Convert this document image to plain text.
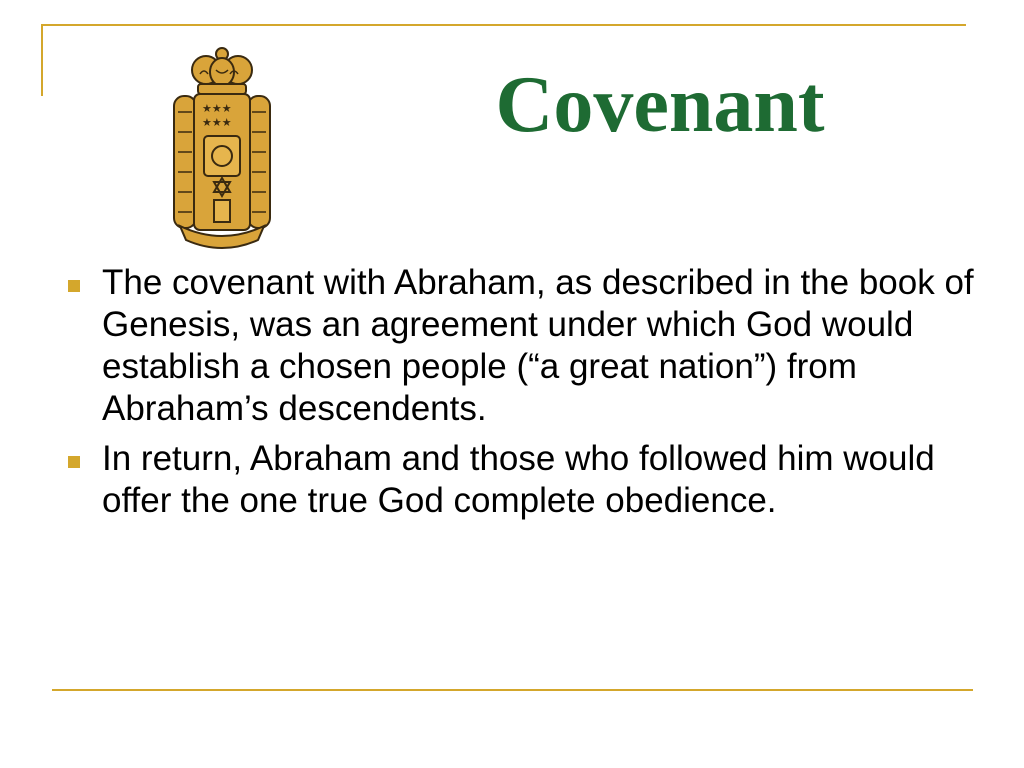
★★★
★★★	Covenant
The covenant with Abraham, as described in the book of Genesis, was an agreement under which God would establish a chosen people (“a great nation”) from Abraham’s descendents.
In return, Abraham and those who followed him would offer the one true God complete obedience.
